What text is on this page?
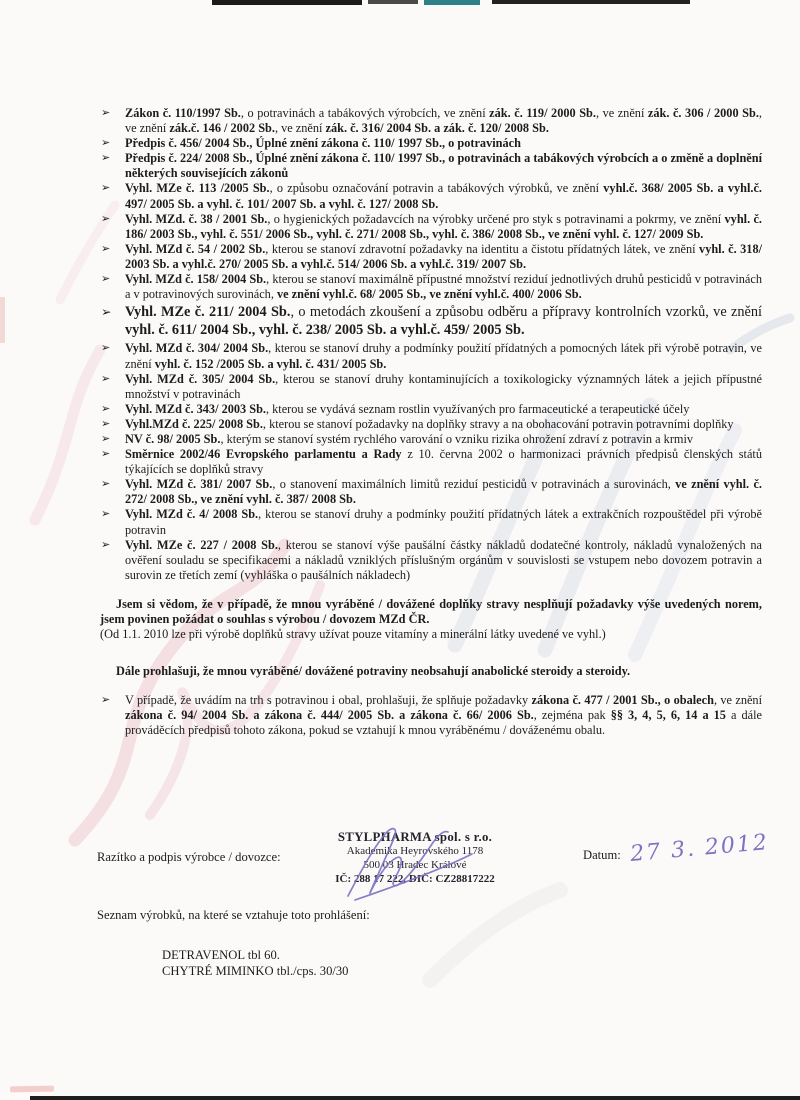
➢ Zákon č. 110/1997 Sb., o potravinách a tabákových výrobcích, ve znění zák. č. 119/ 2000 Sb., ve znění zák. č. 306 / 2000 Sb., ve znění zák.č. 146 / 2002 Sb., ve znění zák. č. 316/ 2004 Sb. a zák. č. 120/ 2008 Sb.
➢ Předpis č. 456/ 2004 Sb., Úplné znění zákona č. 110/ 1997 Sb., o potravinách
➢ Předpis č. 224/ 2008 Sb., Úplné znění zákona č. 110/ 1997 Sb., o potravinách a tabákových výrobcích a o změně a doplnění některých souvisejících zákonů
➢ Vyhl. MZe č. 113 /2005 Sb., o způsobu označování potravin a tabákových výrobků, ve znění vyhl.č. 368/ 2005 Sb. a vyhl.č. 497/ 2005 Sb. a vyhl. č. 101/ 2007 Sb. a vyhl. č. 127/ 2008 Sb.
➢ Vyhl. MZd. č. 38 / 2001 Sb., o hygienických požadavcích na výrobky určené pro styk s potravinami a pokrmy, ve znění vyhl. č. 186/ 2003 Sb., vyhl. č. 551/ 2006 Sb., vyhl. č. 271/ 2008 Sb., vyhl. č. 386/ 2008 Sb., ve znění vyhl. č. 127/ 2009 Sb.
➢ Vyhl. MZd č. 54 / 2002 Sb., kterou se stanoví zdravotní požadavky na identitu a čistotu přídatných látek, ve znění vyhl. č. 318/ 2003 Sb. a vyhl.č. 270/ 2005 Sb. a vyhl.č. 514/ 2006 Sb. a vyhl.č. 319/ 2007 Sb.
➢ Vyhl. MZd č. 158/ 2004 Sb., kterou se stanoví maximálně přípustné množství reziduí jednotlivých druhů pesticidů v potravinách a v potravinových surovinách, ve znění vyhl.č. 68/ 2005 Sb., ve znění vyhl.č. 400/ 2006 Sb.
➢ Vyhl. MZe č. 211/ 2004 Sb., o metodách zkoušení a způsobu odběru a přípravy kontrolních vzorků, ve znění vyhl. č. 611/ 2004 Sb., vyhl. č. 238/ 2005 Sb. a vyhl.č. 459/ 2005 Sb.
➢ Vyhl. MZd č. 304/ 2004 Sb., kterou se stanoví druhy a podmínky použití přídatných a pomocných látek při výrobě potravin, ve znění vyhl. č. 152 /2005 Sb. a vyhl. č. 431/ 2005 Sb.
➢ Vyhl. MZd č. 305/ 2004 Sb., kterou se stanoví druhy kontaminujících a toxikologicky významných látek a jejich přípustné množství v potravinách
➢ Vyhl. MZd č. 343/ 2003 Sb., kterou se vydává seznam rostlin využívaných pro farmaceutické a terapeutické účely
➢ Vyhl.MZd č. 225/ 2008 Sb., kterou se stanoví požadavky na doplňky stravy a na obohacování potravin potravními doplňky
➢ NV č. 98/ 2005 Sb., kterým se stanoví systém rychlého varování o vzniku rizika ohrožení zdraví z potravin a krmiv
➢ Směrnice 2002/46 Evropského parlamentu a Rady z 10. června 2002 o harmonizaci právních předpisů členských států týkajících se doplňků stravy
➢ Vyhl. MZd č. 381/ 2007 Sb., o stanovení maximálních limitů reziduí pesticidů v potravinách a surovinách, ve znění vyhl. č. 272/ 2008 Sb., ve znění vyhl. č. 387/ 2008 Sb.
➢ Vyhl. MZd č. 4/ 2008 Sb., kterou se stanoví druhy a podmínky použití přídatných látek a extrakčních rozpouštědel při výrobě potravin
➢ Vyhl. MZe č. 227 / 2008 Sb., kterou se stanoví výše paušální částky nákladů dodatečné kontroly, nákladů vynaložených na ověření souladu se specifikacemi a nákladů vzniklých příslušným orgánům v souvislosti se vstupem nebo dovozem potravin a surovin ze třetích zemí (vyhláška o paušálních nákladech)

Jsem si vědom, že v případě, že mnou vyráběné / dovážené doplňky stravy nesplňují požadavky výše uvedených norem, jsem povinen požádat o souhlas s výrobou / dovozem MZd ČR.

(Od 1.1. 2010 lze při výrobě doplňků stravy užívat pouze vitamíny a minerální látky uvedené ve vyhl.)

Dále prohlašuji, že mnou vyráběné/ dovážené potraviny neobsahují anabolické steroidy a steroidy.

➢ V případě, že uvádím na trh s potravinou i obal, prohlašuji, že splňuje požadavky zákona č. 477 / 2001 Sb., o obalech, ve znění zákona č. 94/ 2004 Sb. a zákona č. 444/ 2005 Sb. a zákona č. 66/ 2006 Sb., zejména pak §§ 3, 4, 5, 6, 14 a 15 a dále prováděcích předpisů tohoto zákona, pokud se vztahují k mnou vyráběnému / dováženému obalu.
Razítko a podpis výrobce / dovozce:
STYLPHARMA spol. s r.o.
Akademika Heyrovského 1178
500 03 Hradec Králové
IČ: 288 17 222, DIČ: CZ28817222
Datum: 27 3. 2012
Seznam výrobků, na které se vztahuje toto prohlášení:
DETRAVENOL tbl 60.
CHYTRÉ MIMINKO tbl./cps. 30/30
